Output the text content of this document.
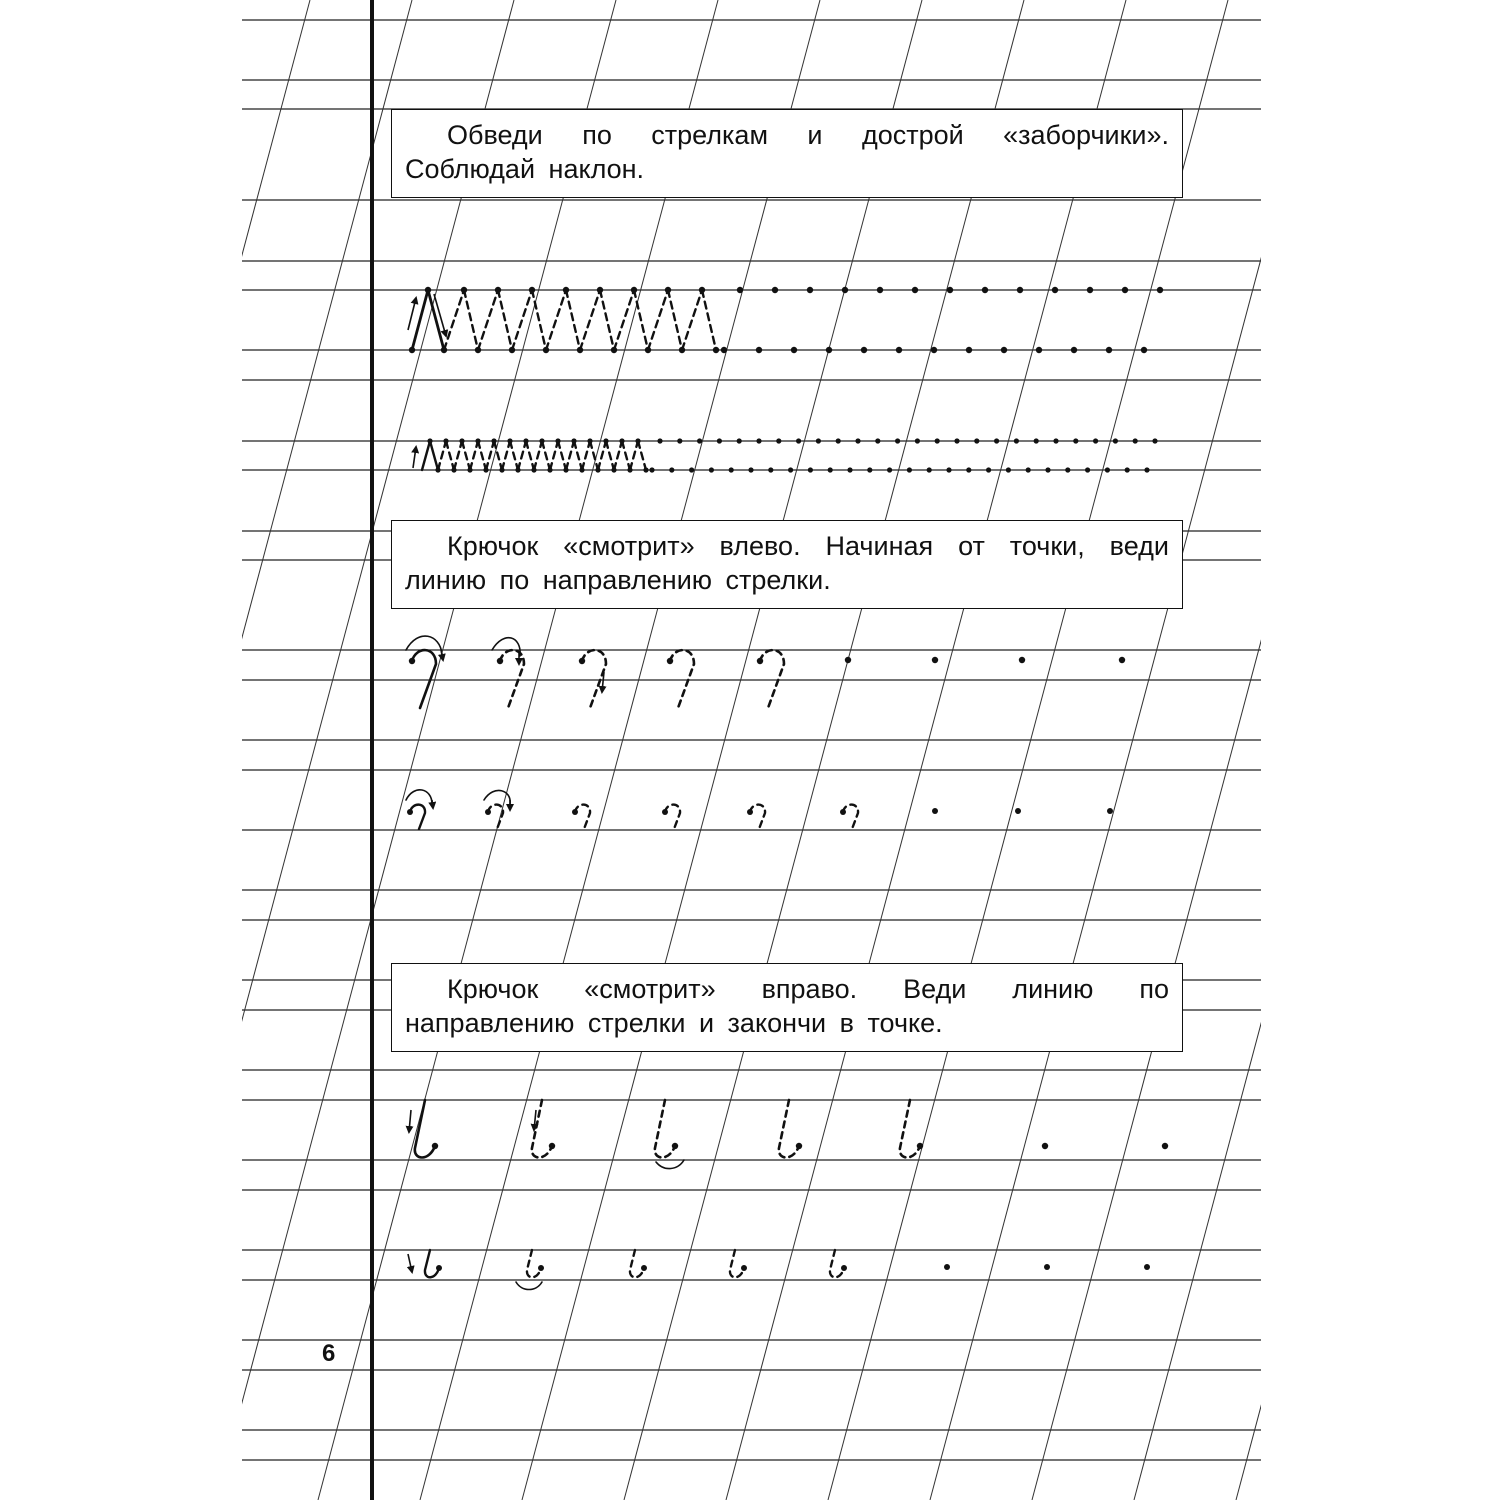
Обведи по стрелкам и дострой «заборчики». Соблюдай наклон.
Крючок «смотрит» влево. Начиная от точки, веди линию по направлению стрелки.
Крючок «смотрит» вправо. Веди линию по направлению стрелки и закончи в точке.
6
